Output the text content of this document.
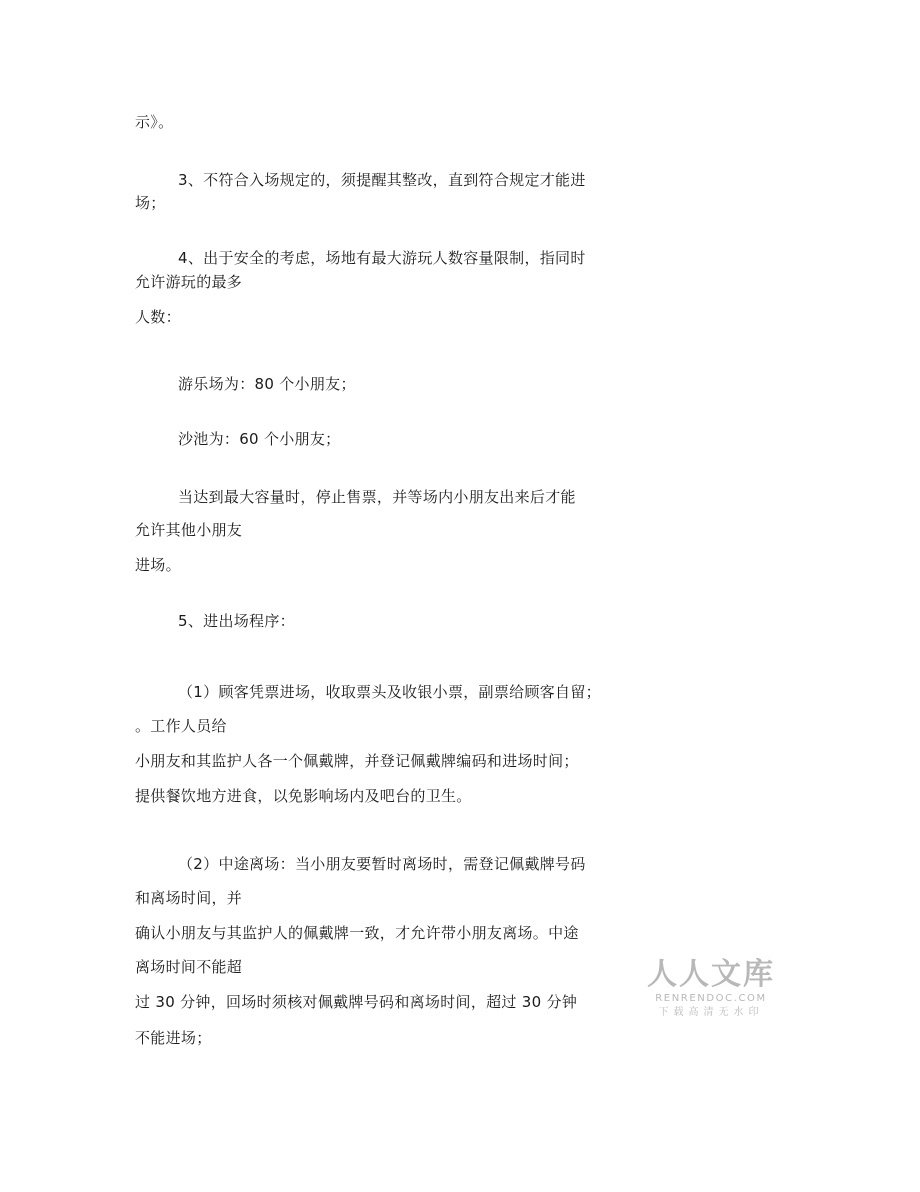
示》。
3、不符合入场规定的，须提醒其整改，直到符合规定才能进
场；
4、出于安全的考虑，场地有最大游玩人数容量限制，指同时
允许游玩的最多
人数：
游乐场为：80 个小朋友；
沙池为：60 个小朋友；
当达到最大容量时，停止售票，并等场内小朋友出来后才能
允许其他小朋友
进场。
5、进出场程序：
（1）顾客凭票进场，收取票头及收银小票，副票给顾客自留；
。工作人员给
小朋友和其监护人各一个佩戴牌，并登记佩戴牌编码和进场时间；
提供餐饮地方进食，以免影响场内及吧台的卫生。
（2）中途离场：当小朋友要暂时离场时，需登记佩戴牌号码
和离场时间，并
确认小朋友与其监护人的佩戴牌一致，才允许带小朋友离场。中途
离场时间不能超
过 30 分钟，回场时须核对佩戴牌号码和离场时间，超过 30 分钟
不能进场；
人人文库
RENRENDOC.COM
下载高清无水印
